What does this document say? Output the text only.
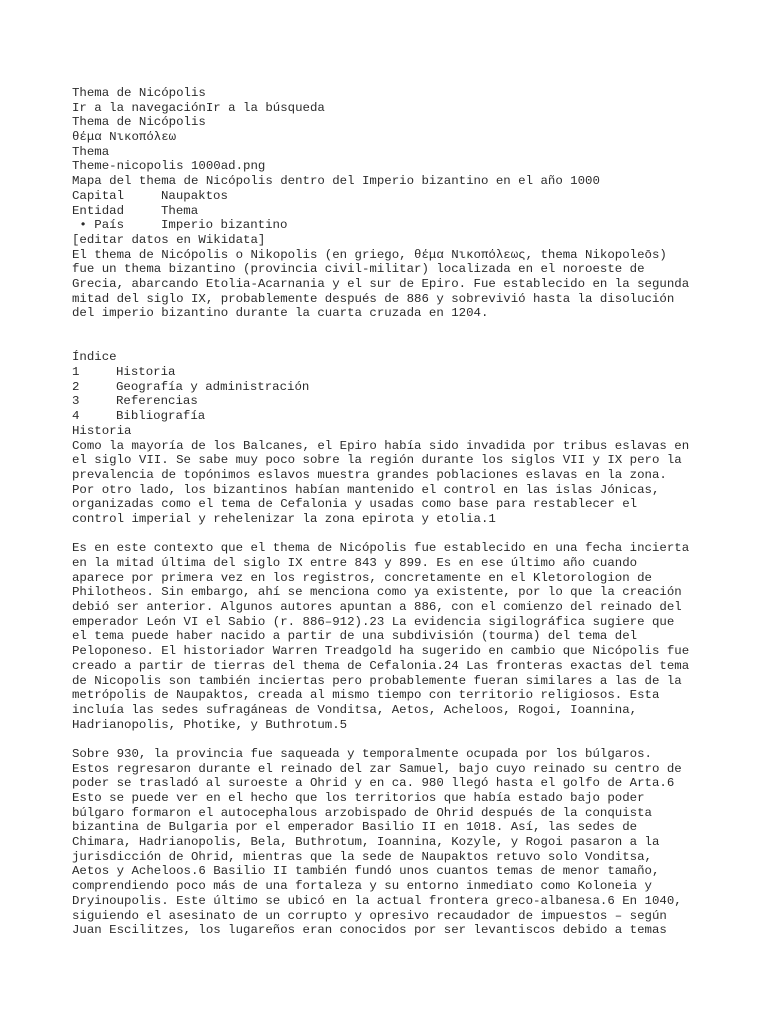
Thema de Nicópolis
Ir a la navegaciónIr a la búsqueda
Thema de Nicópolis
θέμα Νικοπόλεω
Thema
Theme-nicopolis 1000ad.png
Mapa del thema de Nicópolis dentro del Imperio bizantino en el año 1000
Capital	Naupaktos
Entidad	Thema
• País	Imperio bizantino
[editar datos en Wikidata]
El thema de Nicópolis o Nikopolis (en griego, θέμα Νικοπόλεως, thema Nikopoleōs)
fue un thema bizantino (provincia civil-militar) localizada en el noroeste de
Grecia, abarcando Etolia-Acarnania y el sur de Epiro. Fue establecido en la segunda
mitad del siglo IX, probablemente después de 886 y sobrevivió hasta la disolución
del imperio bizantino durante la cuarta cruzada en 1204.
Índice
1	Historia
2	Geografía y administración
3	Referencias
4	Bibliografía
Historia
Como la mayoría de los Balcanes, el Epiro había sido invadida por tribus eslavas en
el siglo VII. Se sabe muy poco sobre la región durante los siglos VII y IX pero la
prevalencia de topónimos eslavos muestra grandes poblaciones eslavas en la zona.
Por otro lado, los bizantinos habían mantenido el control en las islas Jónicas,
organizadas como el tema de Cefalonia y usadas como base para restablecer el
control imperial y rehelenizar la zona epirota y etolia.1
Es en este contexto que el thema de Nicópolis fue establecido en una fecha incierta
en la mitad última del siglo IX entre 843 y 899. Es en ese último año cuando
aparece por primera vez en los registros, concretamente en el Kletorologion de
Philotheos. Sin embargo, ahí se menciona como ya existente, por lo que la creación
debió ser anterior. Algunos autores apuntan a 886, con el comienzo del reinado del
emperador León VI el Sabio (r. 886–912).23 La evidencia sigilográfica sugiere que
el tema puede haber nacido a partir de una subdivisión (tourma) del tema del
Peloponeso. El historiador Warren Treadgold ha sugerido en cambio que Nicópolis fue
creado a partir de tierras del thema de Cefalonia.24 Las fronteras exactas del tema
de Nicopolis son también inciertas pero probablemente fueran similares a las de la
metrópolis de Naupaktos, creada al mismo tiempo con territorio religiosos. Esta
incluía las sedes sufragáneas de Vonditsa, Aetos, Acheloos, Rogoi, Ioannina,
Hadrianopolis, Photike, y Buthrotum.5
Sobre 930, la provincia fue saqueada y temporalmente ocupada por los búlgaros.
Estos regresaron durante el reinado del zar Samuel, bajo cuyo reinado su centro de
poder se trasladó al suroeste a Ohrid y en ca. 980 llegó hasta el golfo de Arta.6
Esto se puede ver en el hecho que los territorios que había estado bajo poder
búlgaro formaron el autocephalous arzobispado de Ohrid después de la conquista
bizantina de Bulgaria por el emperador Basilio II en 1018. Así, las sedes de
Chimara, Hadrianopolis, Bela, Buthrotum, Ioannina, Kozyle, y Rogoi pasaron a la
jurisdicción de Ohrid, mientras que la sede de Naupaktos retuvo solo Vonditsa,
Aetos y Acheloos.6 Basilio II también fundó unos cuantos temas de menor tamaño,
comprendiendo poco más de una fortaleza y su entorno inmediato como Koloneia y
Dryinoupolis. Este último se ubicó en la actual frontera greco-albanesa.6 En 1040,
siguiendo el asesinato de un corrupto y opresivo recaudador de impuestos – según
Juan Escilitzes, los lugareños eran conocidos por ser levantiscos debido a temas
